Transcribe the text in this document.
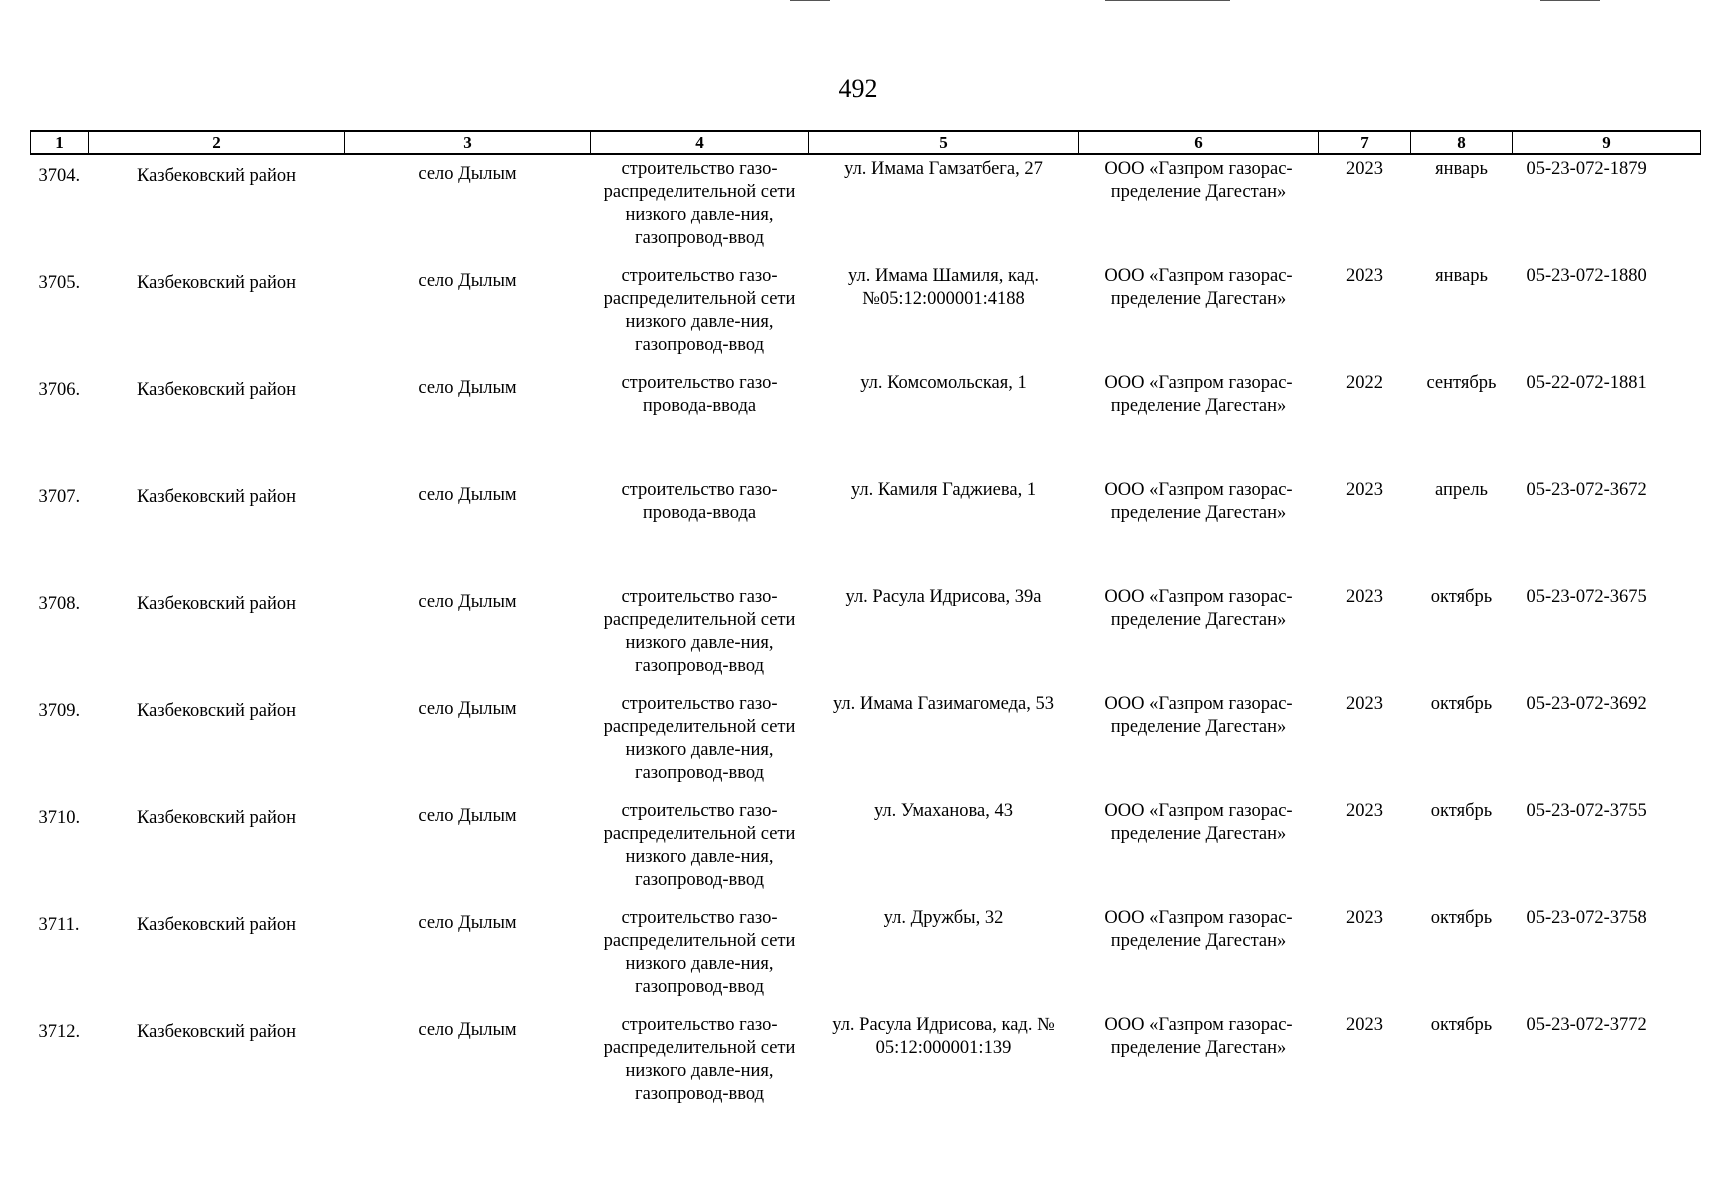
492
1	2	3	4	5	6	7	8	9
3704.	Казбековский район	село Дылым	строительство газо-распределительной сети низкого давле-ния, газопровод-ввод	ул. Имама Гамзатбега, 27	ООО «Газпром газорас-пределение Дагестан»	2023	январь	05-23-072-1879
3705.	Казбековский район	село Дылым	строительство газо-распределительной сети низкого давле-ния, газопровод-ввод	ул. Имама Шамиля, кад. №05:12:000001:4188	ООО «Газпром газорас-пределение Дагестан»	2023	январь	05-23-072-1880
3706.	Казбековский район	село Дылым	строительство газо-провода-ввода	ул. Комсомольская, 1	ООО «Газпром газорас-пределение Дагестан»	2022	сентябрь	05-22-072-1881
3707.	Казбековский район	село Дылым	строительство газо-провода-ввода	ул. Камиля Гаджиева, 1	ООО «Газпром газорас-пределение Дагестан»	2023	апрель	05-23-072-3672
3708.	Казбековский район	село Дылым	строительство газо-распределительной сети низкого давле-ния, газопровод-ввод	ул. Расула Идрисова, 39а	ООО «Газпром газорас-пределение Дагестан»	2023	октябрь	05-23-072-3675
3709.	Казбековский район	село Дылым	строительство газо-распределительной сети низкого давле-ния, газопровод-ввод	ул. Имама Газимагомеда, 53	ООО «Газпром газорас-пределение Дагестан»	2023	октябрь	05-23-072-3692
3710.	Казбековский район	село Дылым	строительство газо-распределительной сети низкого давле-ния, газопровод-ввод	ул. Умаханова, 43	ООО «Газпром газорас-пределение Дагестан»	2023	октябрь	05-23-072-3755
3711.	Казбековский район	село Дылым	строительство газо-распределительной сети низкого давле-ния, газопровод-ввод	ул. Дружбы, 32	ООО «Газпром газорас-пределение Дагестан»	2023	октябрь	05-23-072-3758
3712.	Казбековский район	село Дылым	строительство газо-распределительной сети низкого давле-ния, газопровод-ввод	ул. Расула Идрисова, кад. № 05:12:000001:139	ООО «Газпром газорас-пределение Дагестан»	2023	октябрь	05-23-072-3772
